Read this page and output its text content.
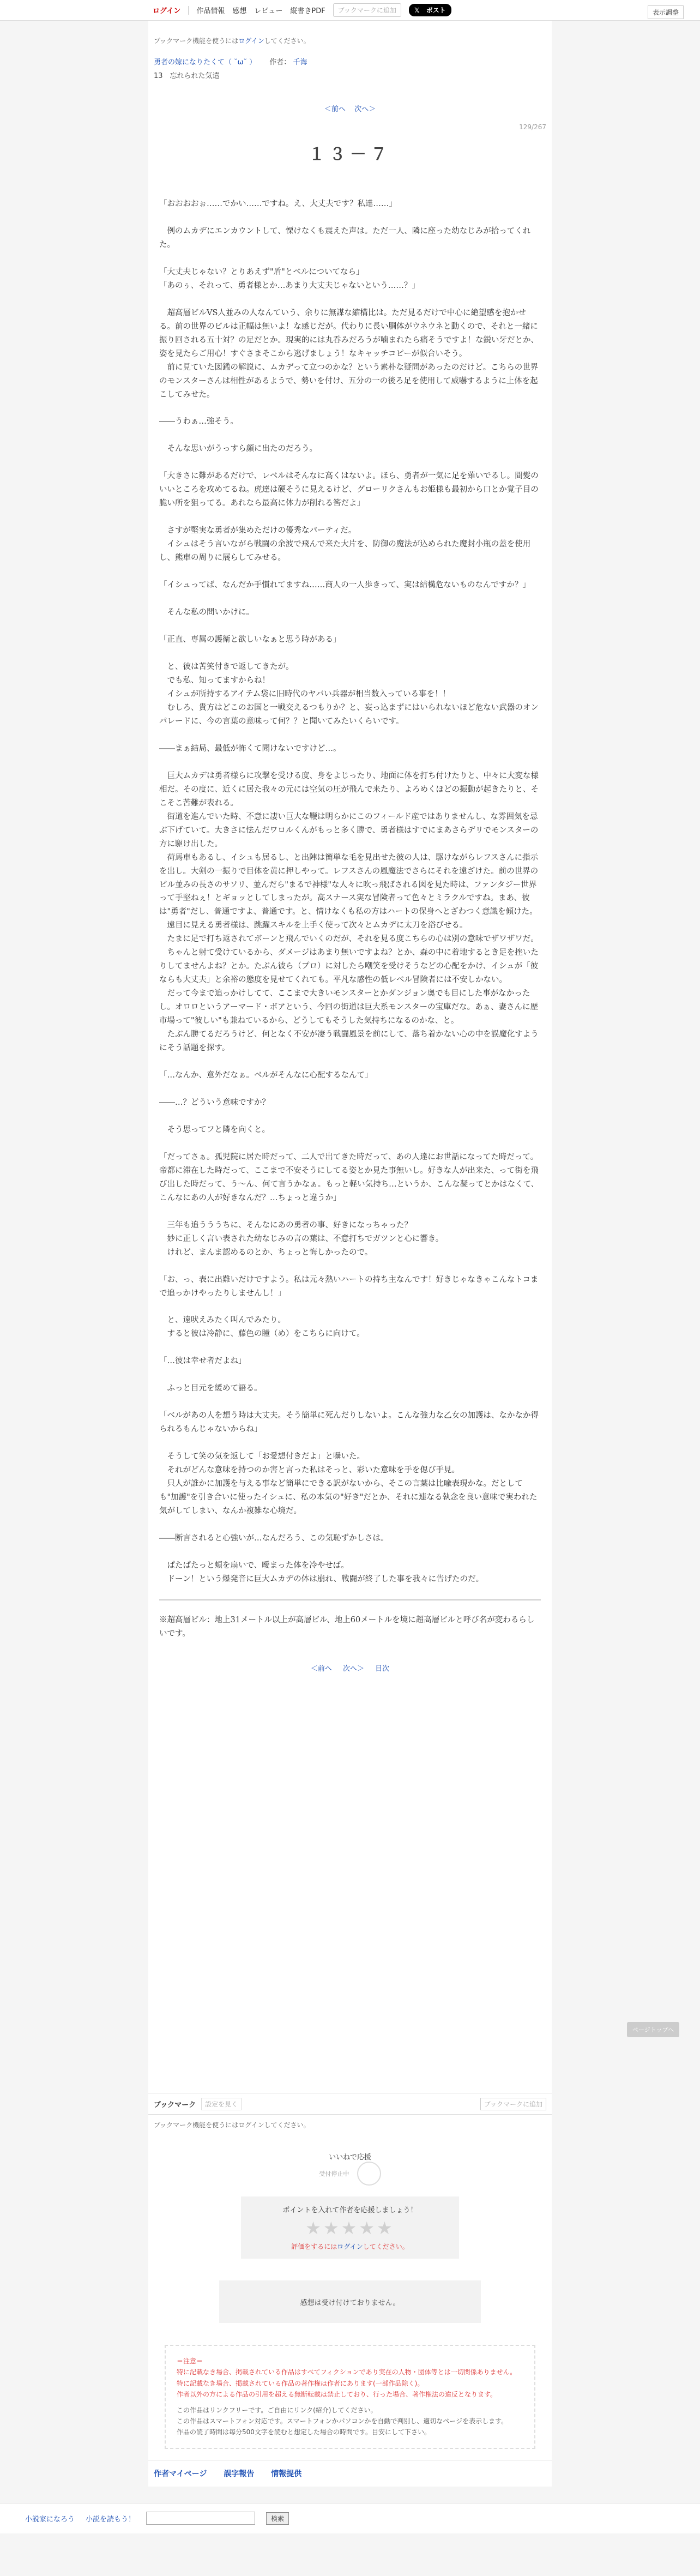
ログイン 作品情報 感想 レビュー 縦書きPDF	ブックマークに追加	𝕏
ポスト	表示調整
ブックマーク機能を使うにはログインしてください。
勇者の嫁になりたくて（ ˘ω˘ ） 作者： 千海
13　忘れられた気遣
＜前へ 次へ＞
129/267
１３－７

「おおおおぉ……でかい……ですね。え、大丈夫です？私達……」

　例のムカデにエンカウントして、慄けなくも震えた声は。ただ一人、隣に座った幼なじみが拾ってくれた。

「大丈夫じゃない？とりあえず"盾"とベルについてなら」

「あのぅ、それって、勇者様とか…あまり大丈夫じゃないという……？」

　超高層ビルVS人並みの人なんていう、余りに無謀な縮構比は。ただ見るだけで中心に絶望感を抱かせる。前の世界のビルは正幅は無いよ！な感じだが。代わりに長い胴体がウネウネと動くので、それと一緒に振り回される五十対？の足だとか。現実的には丸呑みだろうが噛まれたら痛そうですよ！な鋭い牙だとか、姿を見たらご用心！すぐさまそこから逃げましょう！なキャッチコピーが似合いそう。

　前に見ていた図鑑の解説に、ムカデって立つのかな？という素朴な疑問があったのだけど。こちらの世界のモンスターさんは相性があるようで、勢いを付け、五分の一の後ろ足を使用して威嚇するように上体を起こしてみせた。

――うわぁ…強そう。

　そんな思いがうっすら顔に出たのだろう。

「大きさに難があるだけで、レベルはそんなに高くはないよ。ほら、勇者が一気に足を薙いでるし。間髪のいいところを攻めてるね。虎達は硬そうに見えるけど、グローリクさんもお姫様も最初から口とか覚子目の脆い所を狙ってる。あれなら最高に体力が削れる筈だよ」

　さすが堅実な勇者が集めただけの優秀なパーティだ。

　イシュはそう言いながら戦闘の余波で飛んで来た大片を、防御の魔法が込められた魔封小瓶の蓋を使用し、熊車の周りに展らしてみせる。

「イシュってば、なんだか手慣れてますね……商人の一人歩きって、実は結構危ないものなんですか？」

　そんな私の問いかけに。

「正直、専属の護衛と欲しいなぁと思う時がある」

　と、彼は苦笑付きで返してきたが。

　でも私、知ってますからね！

　イシュが所持するアイテム袋に旧時代のヤバい兵器が相当数入っている事を！！

　むしろ、貴方はどこのお国と一戦交えるつもりか？と、妄っ込まずにはいられないほど危ない武器のオンパレードに、今の言葉の意味って何？？と聞いてみたいくらいです。

――まぁ結局、最低が怖くて聞けないですけど…。

　巨大ムカデは勇者様らに攻撃を受ける度、身をよじったり、地面に体を打ち付けたりと、中々に大変な様相だ。その度に、近くに居た我々の元には空気の圧が飛んで来たり、よろめくほどの振動が起きたりと、そこそこ苦難が表れる。

　街道を進んでいた時、不意に凄い巨大な鞭は明らかにこのフィールド産ではありませんし、な雰囲気を忌ぶ下げていて。大きさに怯んだワロルくんがもっと多く勝で、勇者様はすでにまあさらデリでモンスターの方に駆け出した。

　荷馬車もあるし、イシュも居るし、と出陣は簡単な毛を見出せた彼の人は、駆けながらレフスさんに指示を出し。大剣の一振りで目体を黄に押しやって。レフスさんの風魔法でさらにそれを遠ざけた。前の世界のビル並みの長さのサソリ、並んだら"まるで神様"な人々に吹っ飛ばされる図を見た時は、ファンタジー世界って手堅ねぇ！とギョッとしてしまったが。高スナース実な冒険者って色々とミラクルですね。まあ、彼は"勇者"だし、普通ですよ、普通です。と、情けなくも私の方はハートの保身へとざわつく意識を傾けた。

　遠目に見える勇者様は、跳躍スキルを上手く使って次々とムカデに太刀を浴びせる。

　たまに足で打ち返されてボーンと飛んでいくのだが、それを見る度こちらの心は別の意味でザワザワだ。

　ちゃんと射て受けているから、ダメージはあまり無いですよね？とか、森の中に着地するとき足を挫いたりしてませんよね？とか。たぶん彼ら（プロ）に対したら嘲笑を受けそうなどの心配をかけ、イシュが「彼ならも大丈夫」と余裕の態度を見せてくれても。平凡な感性の低レベル冒険者には不安しかない。

　だって今まで追っかけしてて、ここまで大きいモンスターとかダンジョン奥でも目にした事がなかったし。オロロというアーマード・ボアという、今回の街道は巨大系モンスターの宝庫だな。あぁ、妻さんに歴市場って"彼しい"も兼ねているから、どうしてもそうした気持ちになるのかな、と。

　たぶん勝てるだろうけど、何となく不安が凄う戦闘風景を前にして、落ち着かない心の中を誤魔化すようにそう話題を探す。

「…なんか、意外だなぁ。ベルがそんなに心配するなんて」

――…？どういう意味ですか？

　そう思ってフと隣を向くと。

「だってさぁ。孤児院に居た時だって、二人で出てきた時だって、あの人達にお世話になってた時だって。帝都に滞在した時だって、ここまで不安そうにしてる姿とか見た事無いし。好きな人が出来た、って街を飛び出した時だって、う～ん、何て言うかなぁ。もっと軽い気持ち…というか、こんな凝ってとかはなくて、こんなにあの人が好きなんだ？…ちょっと違うか」

　三年も追うううちに、そんなにあの勇者の事、好きになっちゃった？

　妙に正しく言い表された幼なじみの言の葉は、不意打ちでガツンと心に響き。

　けれど、まんま認めるのとか、ちょっと悔しかったので。

「お、っ、表に出難いだけですよう。私は元々熱いハートの持ち主なんです！好きじゃなきゃこんなトコまで追っかけやったりしませんし！」

　と、遠吠えみたく叫んでみたり。

　すると彼は冷静に、藤色の瞳（め）をこちらに向けて。

「…彼は幸せ者だよね」

　ふっと目元を緩めて語る。

「ベルがあの人を想う時は大丈夫。そう簡単に死んだりしないよ。こんな強力な乙女の加護は、なかなか得られるもんじゃないからね」

　そうして笑の気を返して「お愛想付きだよ」と囁いた。

　それがどんな意味を持つのか害と言った私はそっと、彩いた意味を手を偲び手見。

　只人が誰かに加護を与える事など簡単にできる訳がないから、そこの言葉は比喩表現かな。だとしても"加護"を引き合いに使ったイシュに、私の本気の"好き"だとか、それに連なる執念を良い意味で実われた気がしてしまい、なんか複雑な心境だ。

――断言されると心強いが…なんだろう、この気恥ずかしさは。

　ぱたぱたっと頬を扇いで、曖まった体を冷やせば。

　ドーン！という爆発音に巨大ムカデの体は崩れ、戦闘が終了した事を我々に告げたのだ。

※超高層ビル：地上31メートル以上が高層ビル、地上60メートルを境に超高層ビルと呼び名が変わるらしいです。
＜前へ 次へ＞ 目次
ページトップへ
ブックマーク	設定を見く	ブックマークに追加
ブックマーク機能を使うにはログインしてください。
いいねで応援
受付停止中
ポイントを入れて作者を応援しましょう！
★★★★★
評価をするにはログインしてください。
感想は受け付けておりません。
＝注意＝
特に記載なき場合、掲載されている作品はすべてフィクションであり実在の人物・団体等とは一切関係ありません。
特に記載なき場合、掲載されている作品の著作権は作者にあります(一部作品除く)。
作者以外の方による作品の引用を超える無断転載は禁止しており、行った場合、著作権法の違反となります。
この作品はリンクフリーです。ご自由にリンク(紹介)してください。
この作品はスマートフォン対応です。スマートフォンかパソコンかを自動で判別し、適切なページを表示します。
作品の読了時間は毎分500文字を読むと想定した場合の時間です。目安にして下さい。
作者マイページ 誤字報告 情報提供
小説家になろう 小説を読もう！	検索
